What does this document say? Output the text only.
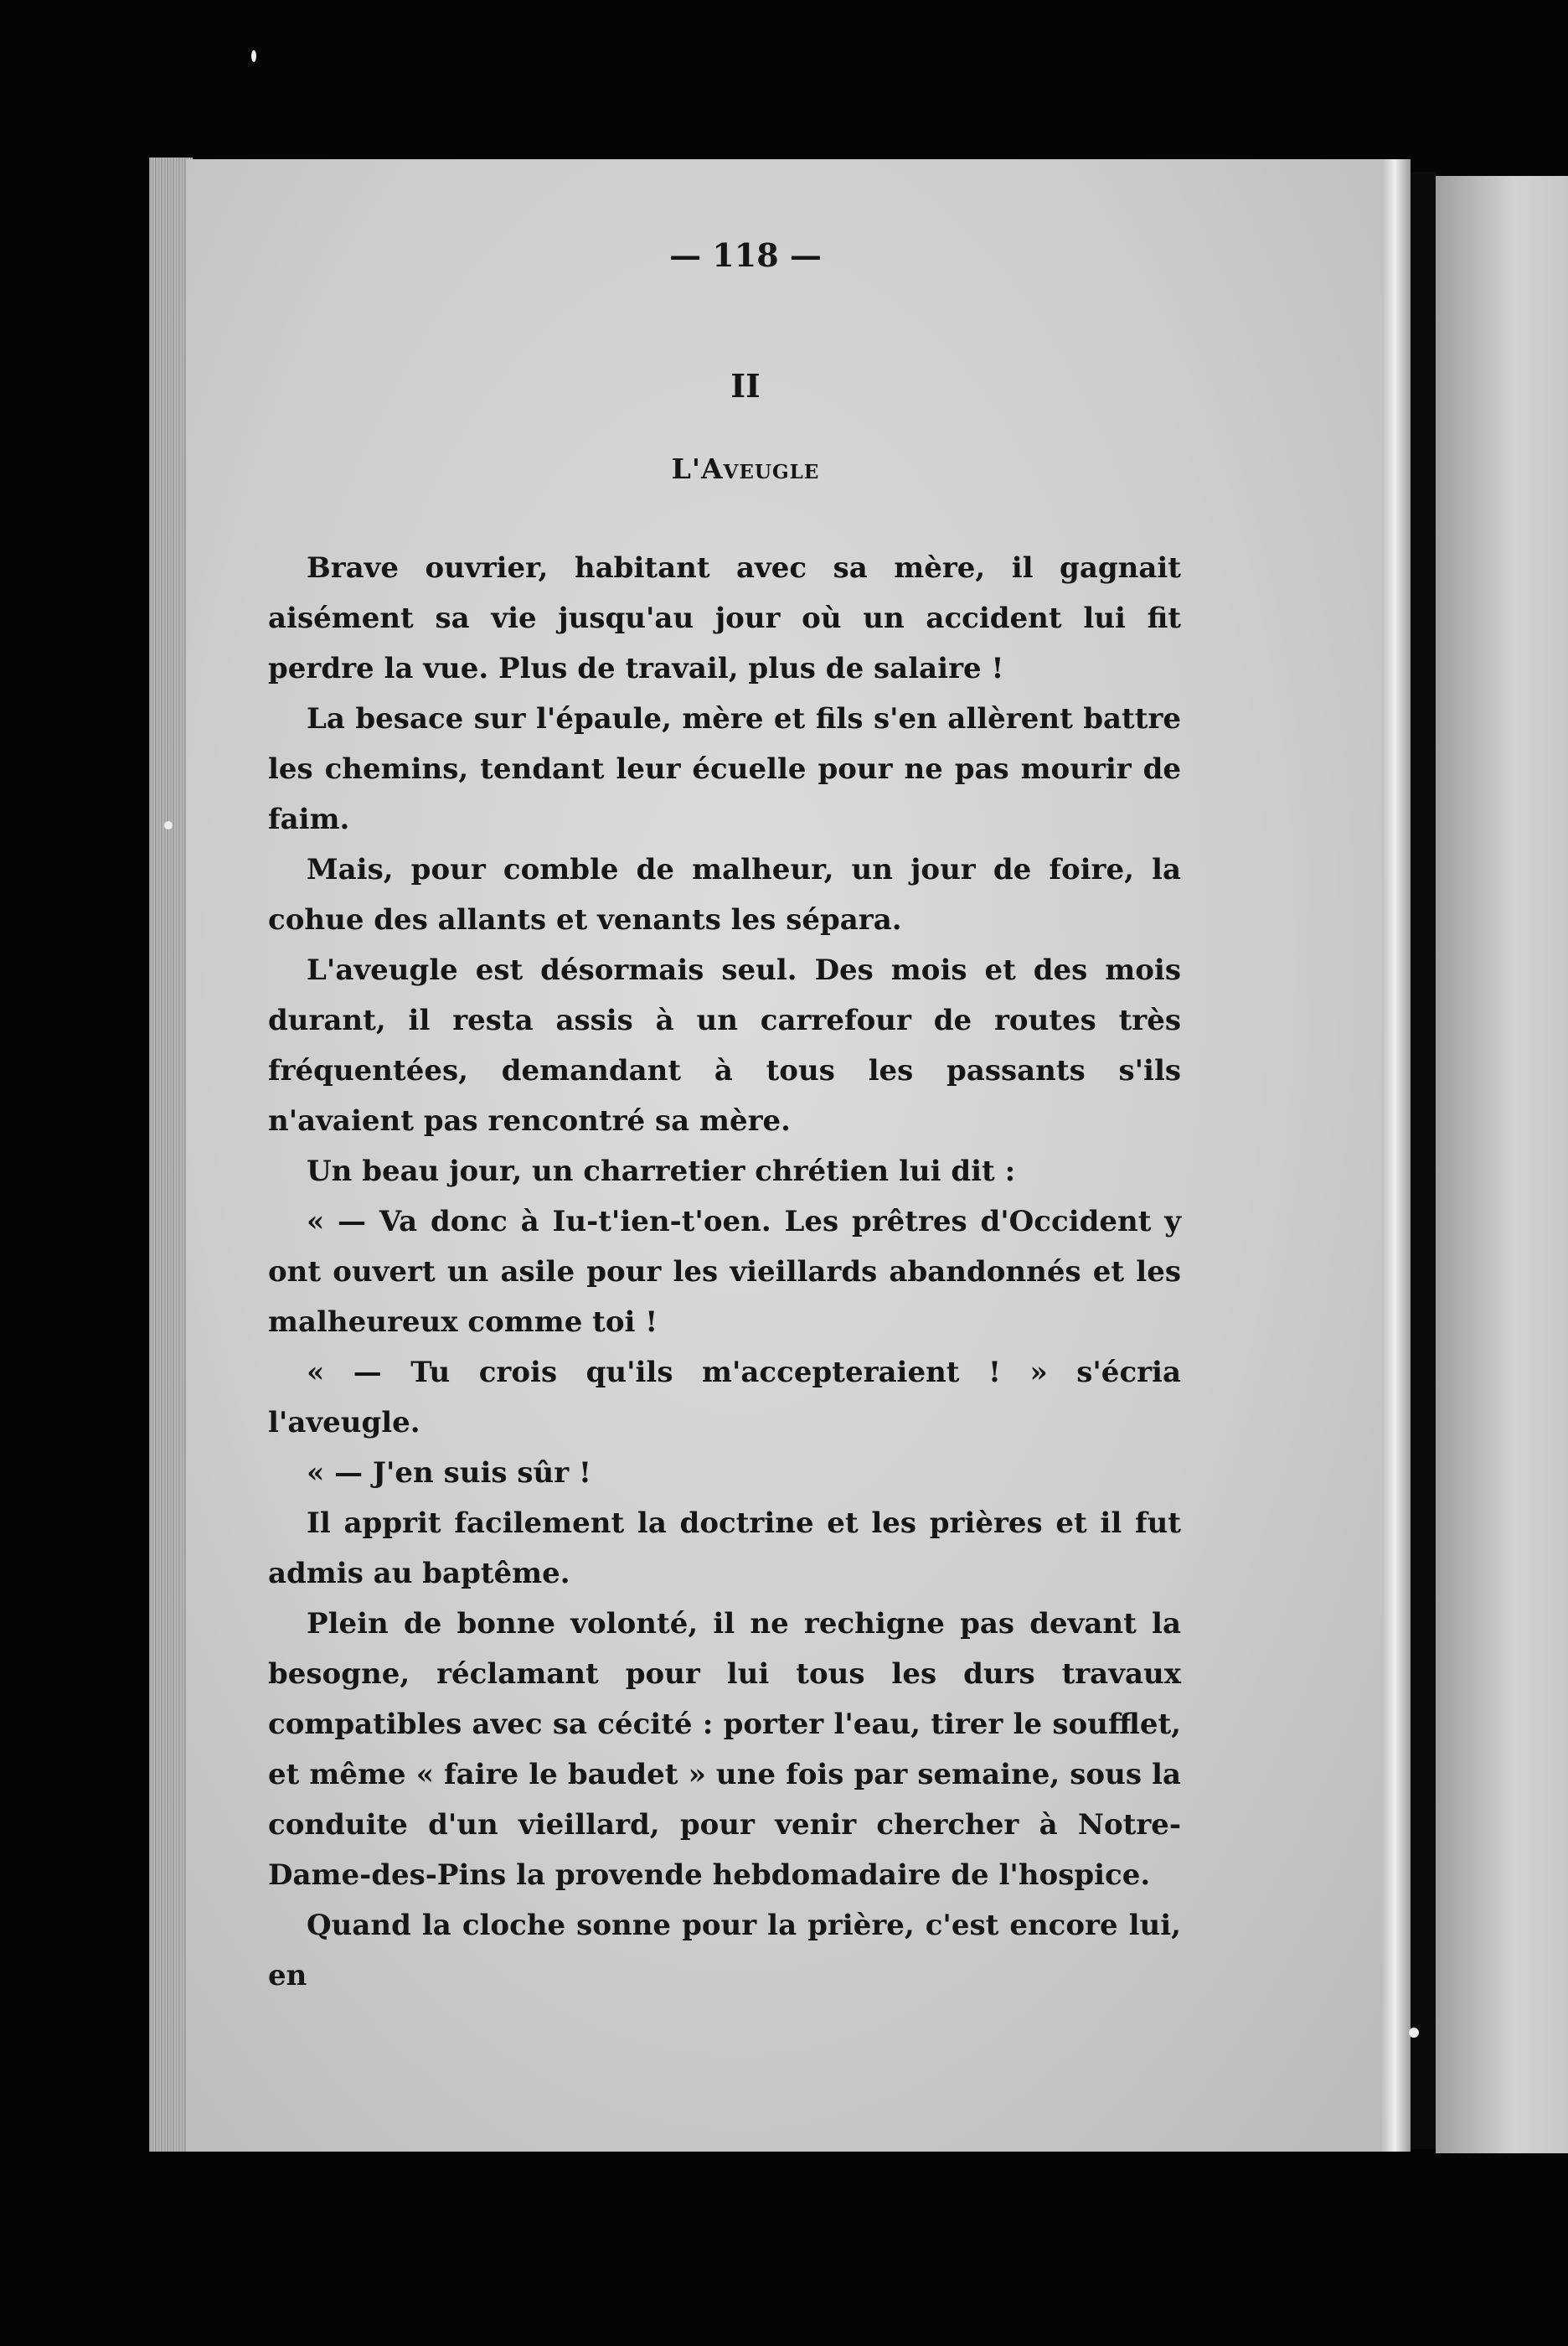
— 118 —
II
L'Aveugle

Brave ouvrier, habitant avec sa mère, il gagnait aisément sa vie jusqu'au jour où un accident lui fit perdre la vue. Plus de travail, plus de salaire !

La besace sur l'épaule, mère et fils s'en allèrent battre les chemins, tendant leur écuelle pour ne pas mourir de faim.

Mais, pour comble de malheur, un jour de foire, la cohue des allants et venants les sépara.

L'aveugle est désormais seul. Des mois et des mois durant, il resta assis à un carrefour de routes très fréquentées, demandant à tous les passants s'ils n'avaient pas rencontré sa mère.

Un beau jour, un charretier chrétien lui dit :

« — Va donc à Iu-t'ien-t'oen. Les prêtres d'Occident y ont ouvert un asile pour les vieillards abandonnés et les malheureux comme toi !

« — Tu crois qu'ils m'accepteraient ! » s'écria l'aveugle.

« — J'en suis sûr !

Il apprit facilement la doctrine et les prières et il fut admis au baptême.

Plein de bonne volonté, il ne rechigne pas devant la besogne, réclamant pour lui tous les durs travaux compatibles avec sa cécité : porter l'eau, tirer le soufflet, et même « faire le baudet » une fois par semaine, sous la conduite d'un vieillard, pour venir chercher à Notre-Dame-des-Pins la provende hebdomadaire de l'hospice.

Quand la cloche sonne pour la prière, c'est encore lui, en
